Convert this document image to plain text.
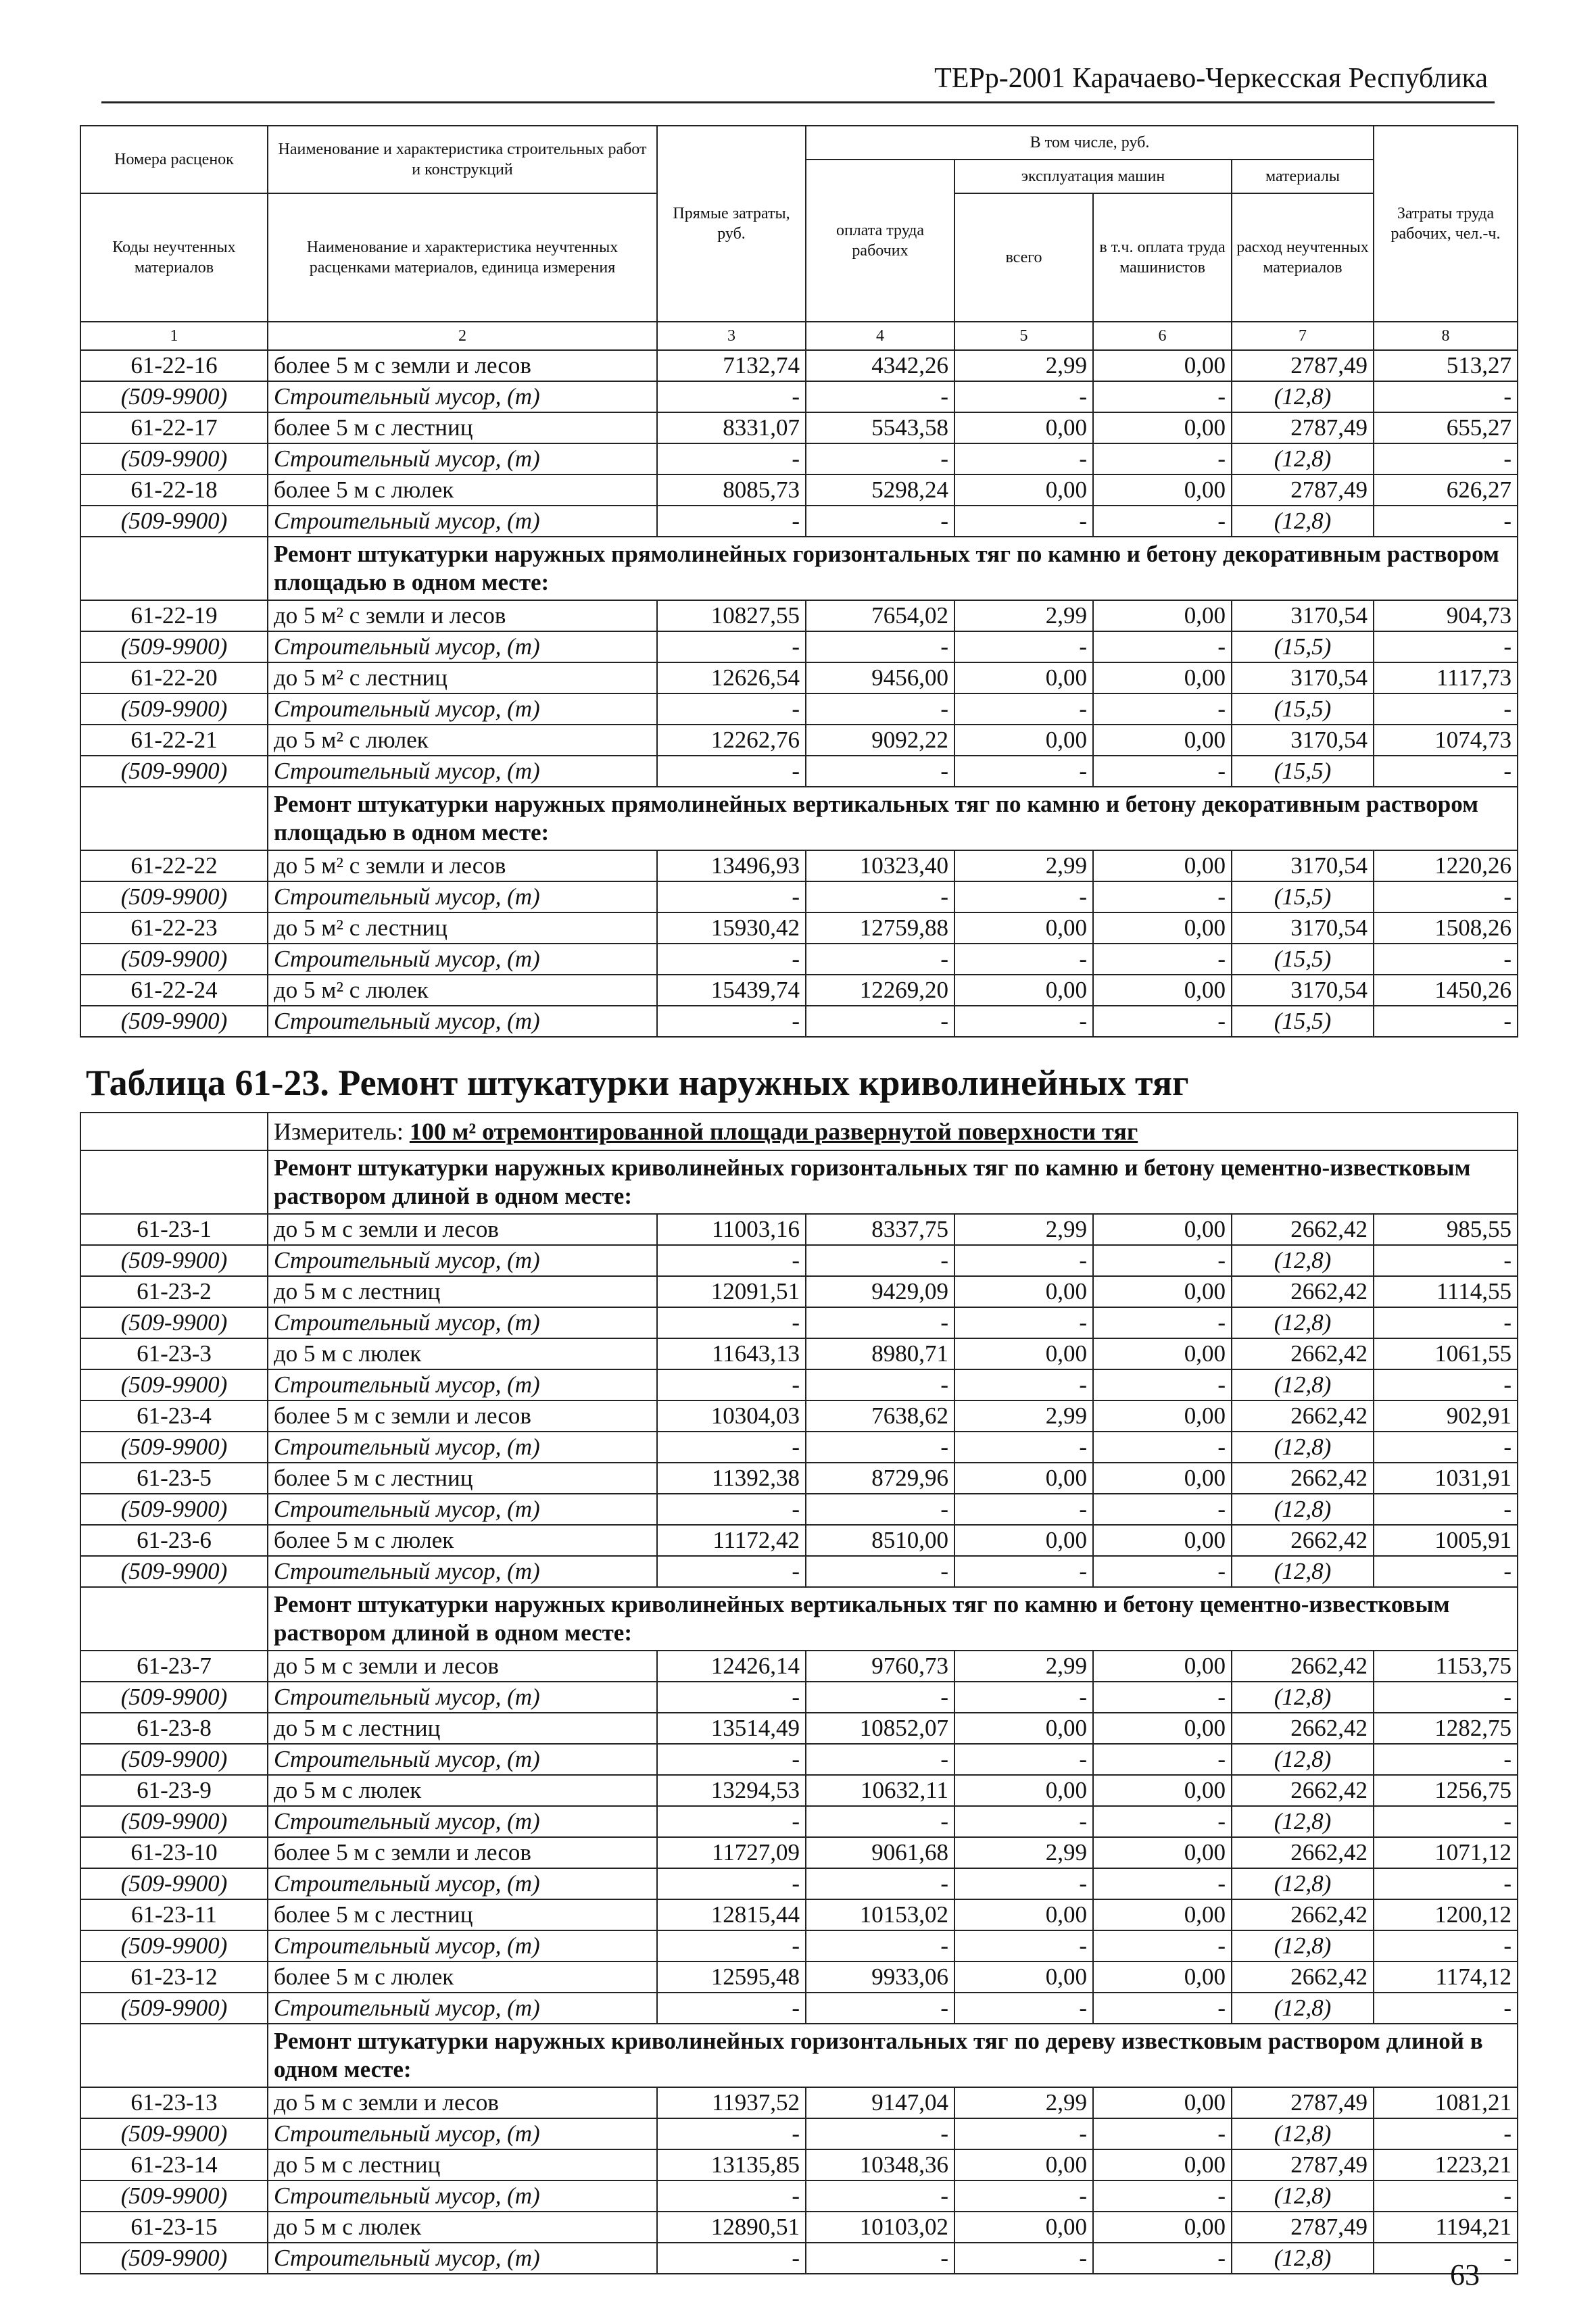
ТЕРр-2001 Карачаево-Черкесская Республика
Номера расценок	Наименование и характеристика строительных работ и конструкций	Прямые затраты, руб.	В том числе, руб.				Затраты труда рабочих, чел.-ч.
			оплата труда рабочих	эксплуатация машин		материалы	
Коды неучтенных материалов	Наименование и характеристика неучтенных расценками материалов, единица измерения			всего	в т.ч. оплата труда машинистов	расход неучтенных материалов	
1	2	3	4	5	6	7	8
61-22-16	более 5 м с земли и лесов	7132,74	4342,26	2,99	0,00	2787,49	513,27
(509-9900)	Строительный мусор, (т)	-	-	-	-	(12,8)	-
61-22-17	более 5 м с лестниц	8331,07	5543,58	0,00	0,00	2787,49	655,27
(509-9900)	Строительный мусор, (т)	-	-	-	-	(12,8)	-
61-22-18	более 5 м с люлек	8085,73	5298,24	0,00	0,00	2787,49	626,27
(509-9900)	Строительный мусор, (т)	-	-	-	-	(12,8)	-
	Ремонт штукатурки наружных прямолинейных горизонтальных тяг по камню и бетону декоративным раствором площадью в одном месте:						
61-22-19	до 5 м² с земли и лесов	10827,55	7654,02	2,99	0,00	3170,54	904,73
(509-9900)	Строительный мусор, (т)	-	-	-	-	(15,5)	-
61-22-20	до 5 м² с лестниц	12626,54	9456,00	0,00	0,00	3170,54	1117,73
(509-9900)	Строительный мусор, (т)	-	-	-	-	(15,5)	-
61-22-21	до 5 м² с люлек	12262,76	9092,22	0,00	0,00	3170,54	1074,73
(509-9900)	Строительный мусор, (т)	-	-	-	-	(15,5)	-
	Ремонт штукатурки наружных прямолинейных вертикальных тяг по камню и бетону декоративным раствором площадью в одном месте:						
61-22-22	до 5 м² с земли и лесов	13496,93	10323,40	2,99	0,00	3170,54	1220,26
(509-9900)	Строительный мусор, (т)	-	-	-	-	(15,5)	-
61-22-23	до 5 м² с лестниц	15930,42	12759,88	0,00	0,00	3170,54	1508,26
(509-9900)	Строительный мусор, (т)	-	-	-	-	(15,5)	-
61-22-24	до 5 м² с люлек	15439,74	12269,20	0,00	0,00	3170,54	1450,26
(509-9900)	Строительный мусор, (т)	-	-	-	-	(15,5)	-
Таблица 61-23. Ремонт штукатурки наружных криволинейных тяг							
	Измеритель: 100 м² отремонтированной площади развернутой поверхности тяг						
	Ремонт штукатурки наружных криволинейных горизонтальных тяг по камню и бетону цементно-известковым раствором длиной в одном месте:						
61-23-1	до 5 м с земли и лесов	11003,16	8337,75	2,99	0,00	2662,42	985,55
(509-9900)	Строительный мусор, (т)	-	-	-	-	(12,8)	-
61-23-2	до 5 м с лестниц	12091,51	9429,09	0,00	0,00	2662,42	1114,55
(509-9900)	Строительный мусор, (т)	-	-	-	-	(12,8)	-
61-23-3	до 5 м с люлек	11643,13	8980,71	0,00	0,00	2662,42	1061,55
(509-9900)	Строительный мусор, (т)	-	-	-	-	(12,8)	-
61-23-4	более 5 м с земли и лесов	10304,03	7638,62	2,99	0,00	2662,42	902,91
(509-9900)	Строительный мусор, (т)	-	-	-	-	(12,8)	-
61-23-5	более 5 м с лестниц	11392,38	8729,96	0,00	0,00	2662,42	1031,91
(509-9900)	Строительный мусор, (т)	-	-	-	-	(12,8)	-
61-23-6	более 5 м с люлек	11172,42	8510,00	0,00	0,00	2662,42	1005,91
(509-9900)	Строительный мусор, (т)	-	-	-	-	(12,8)	-
	Ремонт штукатурки наружных криволинейных вертикальных тяг по камню и бетону цементно-известковым раствором длиной в одном месте:						
61-23-7	до 5 м с земли и лесов	12426,14	9760,73	2,99	0,00	2662,42	1153,75
(509-9900)	Строительный мусор, (т)	-	-	-	-	(12,8)	-
61-23-8	до 5 м с лестниц	13514,49	10852,07	0,00	0,00	2662,42	1282,75
(509-9900)	Строительный мусор, (т)	-	-	-	-	(12,8)	-
61-23-9	до 5 м с люлек	13294,53	10632,11	0,00	0,00	2662,42	1256,75
(509-9900)	Строительный мусор, (т)	-	-	-	-	(12,8)	-
61-23-10	более 5 м с земли и лесов	11727,09	9061,68	2,99	0,00	2662,42	1071,12
(509-9900)	Строительный мусор, (т)	-	-	-	-	(12,8)	-
61-23-11	более 5 м с лестниц	12815,44	10153,02	0,00	0,00	2662,42	1200,12
(509-9900)	Строительный мусор, (т)	-	-	-	-	(12,8)	-
61-23-12	более 5 м с люлек	12595,48	9933,06	0,00	0,00	2662,42	1174,12
(509-9900)	Строительный мусор, (т)	-	-	-	-	(12,8)	-
	Ремонт штукатурки наружных криволинейных горизонтальных тяг по дереву известковым раствором длиной в одном месте:						
61-23-13	до 5 м с земли и лесов	11937,52	9147,04	2,99	0,00	2787,49	1081,21
(509-9900)	Строительный мусор, (т)	-	-	-	-	(12,8)	-
61-23-14	до 5 м с лестниц	13135,85	10348,36	0,00	0,00	2787,49	1223,21
(509-9900)	Строительный мусор, (т)	-	-	-	-	(12,8)	-
61-23-15	до 5 м с люлек	12890,51	10103,02	0,00	0,00	2787,49	1194,21
(509-9900)	Строительный мусор, (т)	-	-	-	-	(12,8)	-
63
